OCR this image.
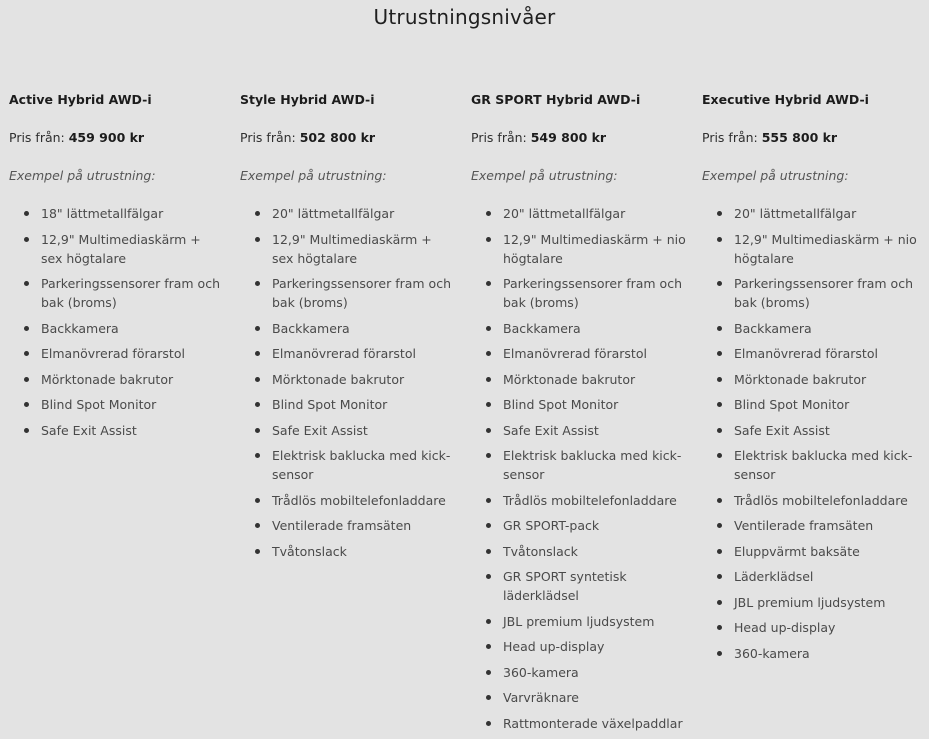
Utrustningsnivåer
Active Hybrid AWD-i
Pris från: 459 900 kr
Exempel på utrustning:
18" lättmetallfälgar
12,9" Multimediaskärm + sex högtalare
Parkeringssensorer fram och bak (broms)
Backkamera
Elmanövrerad förarstol
Mörktonade bakrutor
Blind Spot Monitor
Safe Exit Assist
Style Hybrid AWD-i
Pris från: 502 800 kr
Exempel på utrustning:
20" lättmetallfälgar
12,9" Multimediaskärm + sex högtalare
Parkeringssensorer fram och bak (broms)
Backkamera
Elmanövrerad förarstol
Mörktonade bakrutor
Blind Spot Monitor
Safe Exit Assist
Elektrisk baklucka med kick-sensor
Trådlös mobiltelefonladdare
Ventilerade framsäten
Tvåtonslack
GR SPORT Hybrid AWD-i
Pris från: 549 800 kr
Exempel på utrustning:
20" lättmetallfälgar
12,9" Multimediaskärm + nio högtalare
Parkeringssensorer fram och bak (broms)
Backkamera
Elmanövrerad förarstol
Mörktonade bakrutor
Blind Spot Monitor
Safe Exit Assist
Elektrisk baklucka med kick-sensor
Trådlös mobiltelefonladdare
GR SPORT-pack
Tvåtonslack
GR SPORT syntetisk läderklädsel
JBL premium ljudsystem
Head up-display
360-kamera
Varvräknare
Rattmonterade växelpaddlar
Executive Hybrid AWD-i
Pris från: 555 800 kr
Exempel på utrustning:
20" lättmetallfälgar
12,9" Multimediaskärm + nio högtalare
Parkeringssensorer fram och bak (broms)
Backkamera
Elmanövrerad förarstol
Mörktonade bakrutor
Blind Spot Monitor
Safe Exit Assist
Elektrisk baklucka med kick-sensor
Trådlös mobiltelefonladdare
Ventilerade framsäten
Eluppvärmt baksäte
Läderklädsel
JBL premium ljudsystem
Head up-display
360-kamera
